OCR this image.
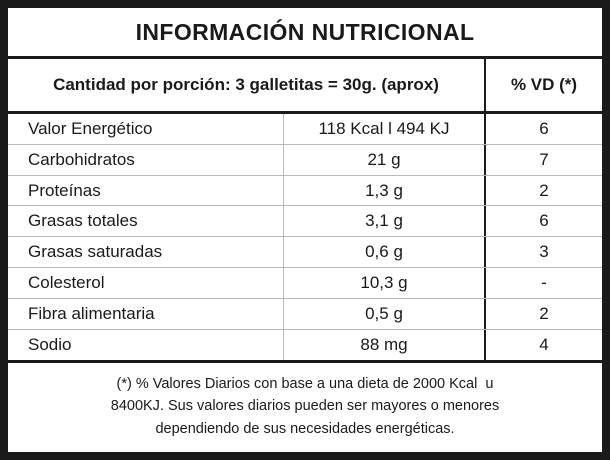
INFORMACIÓN NUTRICIONAL
Cantidad por porción: 3 galletitas = 30g. (aprox)	% VD (*)
Valor Energético	118 Kcal l 494 KJ	6
Carbohidratos	21 g	7
Proteínas	1,3 g	2
Grasas totales	3,1 g	6
Grasas saturadas	0,6 g	3
Colesterol	10,3 g	-
Fibra alimentaria	0,5 g	2
Sodio	88 mg	4
(*) % Valores Diarios con base a una dieta de 2000 Kcal  u
8400KJ. Sus valores diarios pueden ser mayores o menores
dependiendo de sus necesidades energéticas.
